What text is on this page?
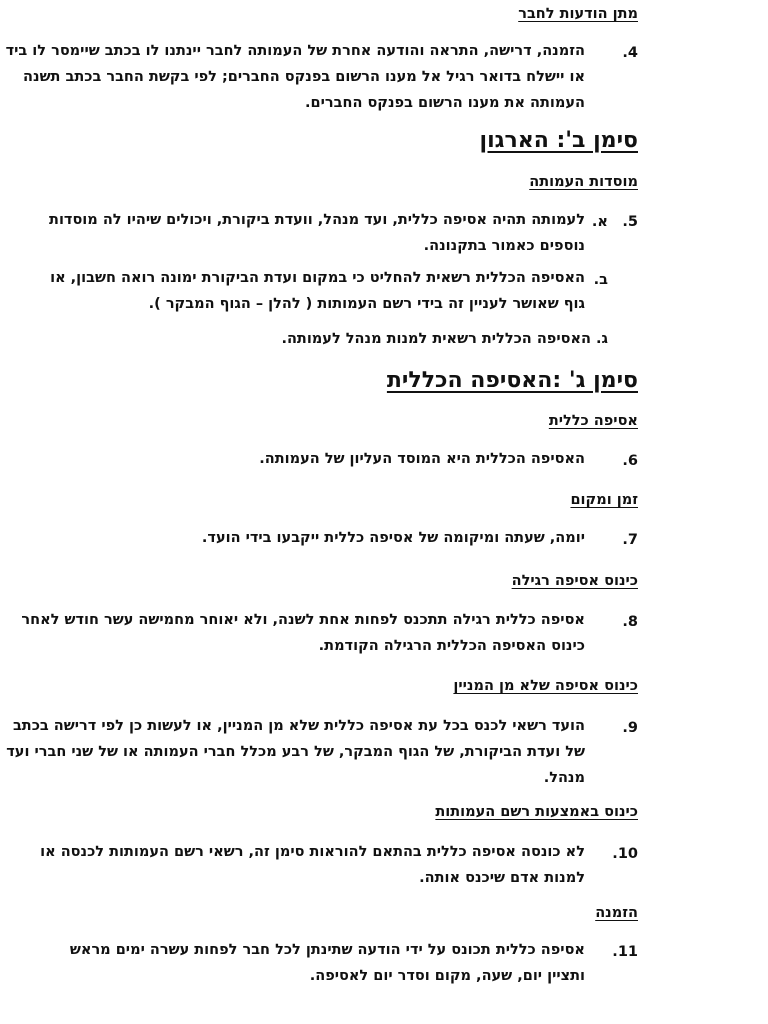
מתן הודעות לחבר
4.
הזמנה, דרישה, התראה והודעה אחרת של העמותה לחבר יינתנו לו בכתב שיימסר לו ביד
או יישלח בדואר רגיל אל מענו הרשום בפנקס החברים; לפי בקשת החבר בכתב תשנה
העמותה את מענו הרשום בפנקס החברים.
סימן ב': הארגון
מוסדות העמותה
5.
א.
לעמותה תהיה אסיפה כללית, ועד מנהל, וועדת ביקורת, ויכולים שיהיו לה מוסדות
נוספים כאמור בתקנונה.
ב.
האסיפה הכללית רשאית להחליט כי במקום ועדת הביקורת ימונה רואה חשבון, או
גוף שאושר לעניין זה בידי רשם העמותות ( להלן – הגוף המבקר ).
ג. האסיפה הכללית רשאית למנות מנהל לעמותה.
סימן ג' :האסיפה הכללית
אסיפה כללית
6.
האסיפה הכללית היא המוסד העליון של העמותה.
זמן ומקום
7.
יומה, שעתה ומיקומה של אסיפה כללית ייקבעו בידי הועד.
כינוס אסיפה רגילה
8.
אסיפה כללית רגילה תתכנס לפחות אחת לשנה, ולא יאוחר מחמישה עשר חודש לאחר
כינוס האסיפה הכללית הרגילה הקודמת.
כינוס אסיפה שלא מן המניין
9.
הועד רשאי לכנס בכל עת אסיפה כללית שלא מן המניין, או לעשות כן לפי דרישה בכתב
של ועדת הביקורת, של הגוף המבקר, של רבע מכלל חברי העמותה או של שני חברי ועד
מנהל.
כינוס באמצעות רשם העמותות
10.
לא כונסה אסיפה כללית בהתאם להוראות סימן זה, רשאי רשם העמותות לכנסה או
למנות אדם שיכנס אותה.
הזמנה
11.
אסיפה כללית תכונס על ידי הודעה שתינתן לכל חבר לפחות עשרה ימים מראש
ותציין יום, שעה, מקום וסדר יום לאסיפה.
